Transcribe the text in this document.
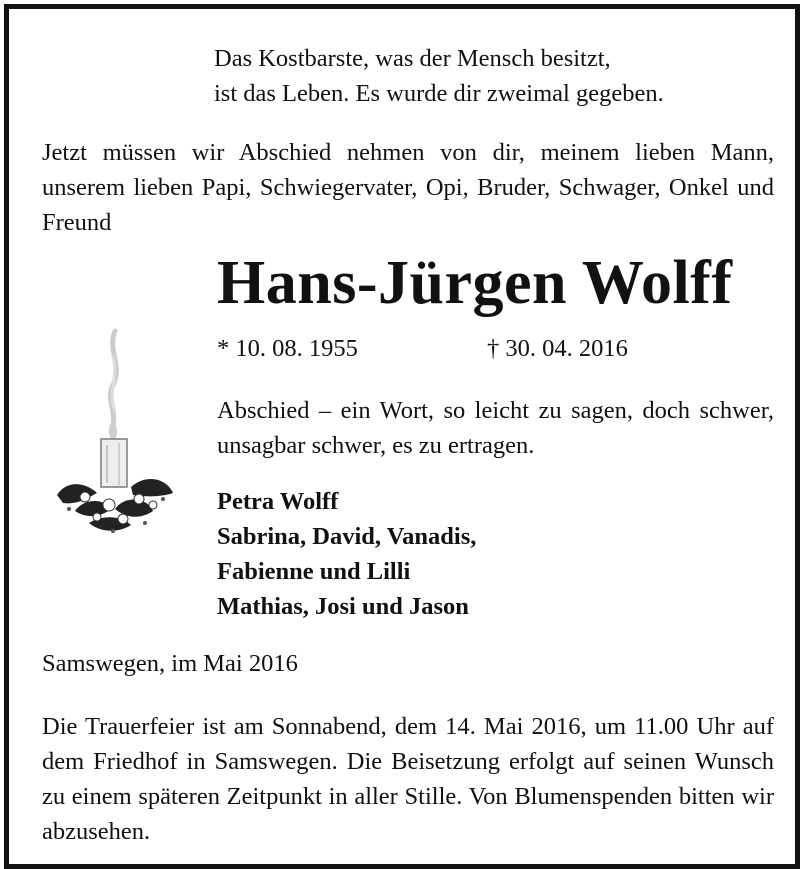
Das Kostbarste, was der Mensch besitzt,
ist das Leben. Es wurde dir zweimal gegeben.

Jetzt müssen wir Abschied nehmen von dir, meinem lieben Mann, unserem lieben Papi, Schwiegervater, Opi, Bruder, Schwager, Onkel und Freund

Hans-Jürgen Wolff
* 10. 08. 1955	† 30. 04. 2016

Abschied – ein Wort, so leicht zu sagen, doch schwer, unsagbar schwer, es zu ertragen.

Petra Wolff
Sabrina, David, Vanadis,
Fabienne und Lilli
Mathias, Josi und Jason
Samswegen, im Mai 2016

Die Trauerfeier ist am Sonnabend, dem 14. Mai 2016, um 11.00 Uhr auf dem Friedhof in Samswegen. Die Beisetzung erfolgt auf seinen Wunsch zu einem späteren Zeitpunkt in aller Stille. Von Blumenspenden bitten wir abzusehen.
